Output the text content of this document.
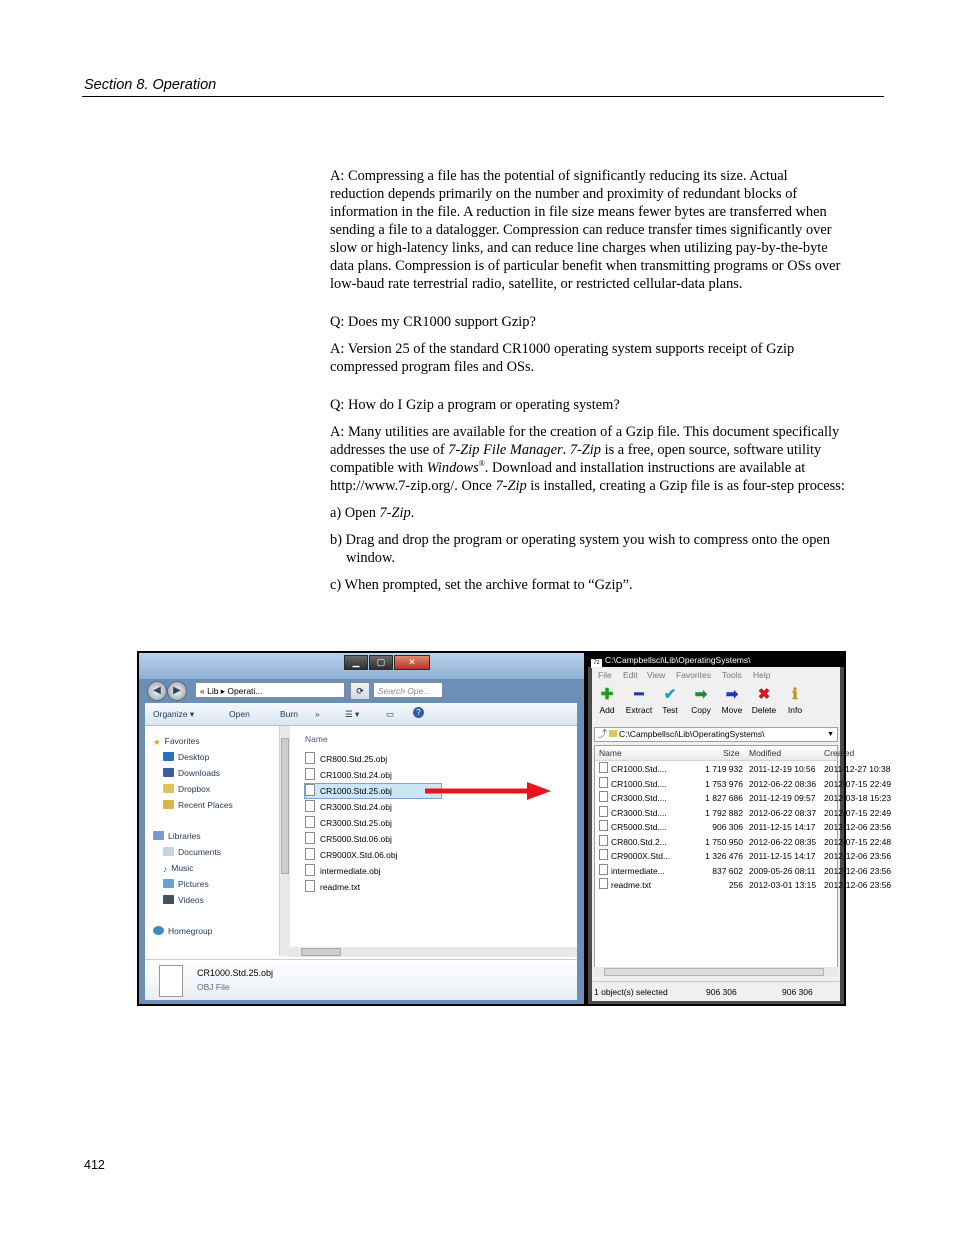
Section 8. Operation

A: Compressing a file has the potential of significantly reducing its size. Actual reduction depends primarily on the number and proximity of redundant blocks of information in the file. A reduction in file size means fewer bytes are transferred when sending a file to a datalogger. Compression can reduce transfer times significantly over slow or high-latency links, and can reduce line charges when utilizing pay-by-the-byte data plans. Compression is of particular benefit when transmitting programs or OSs over low-baud rate terrestrial radio, satellite, or restricted cellular-data plans.

Q: Does my CR1000 support Gzip?

A: Version 25 of the standard CR1000 operating system supports receipt of Gzip compressed program files and OSs.

Q: How do I Gzip a program or operating system?

A: Many utilities are available for the creation of a Gzip file. This document specifically addresses the use of 7-Zip File Manager. 7-Zip is a free, open source, software utility compatible with Windows®. Download and installation instructions are available at http://www.7-zip.org/. Once 7-Zip is installed, creating a Gzip file is as four-step process:

a) Open 7-Zip.

b) Drag and drop the program or operating system you wish to compress onto the open window.

c) When prompted, set the archive format to “Gzip”.

▁	▢	✕
◀	▶	« Lib ▸ Operati...	⟳	Search Ope...
Organize ▾	Open	Burn »	☰ ▾	▭	?
★ Favorites
Desktop
Downloads
Dropbox
Recent Places
Libraries
Documents
♪ Music
Pictures
Videos
Homegroup
Name
CR800.Std.25.obj
CR1000.Std.24.obj
CR1000.Std.25.obj
CR3000.Std.24.obj
CR3000.Std.25.obj
CR5000.Std.06.obj
CR9000X.Std.06.obj
intermediate.obj
readme.txt
CR1000.Std.25.obj
OBJ File
7z C:\Campbellsci\Lib\OperatingSystems\	▭▁▢✕
File Edit View Favorites Tools Help
✚
Add
━
Extract
✔
Test
➡
Copy
➡
Move
✖
Delete
ℹ
Info
⤴ C:\Campbellsci\Lib\OperatingSystems\	▼
Name	Size Modified	Created
CR1000.Std....	1 719 932 2011-12-19 10:56 2011-12-27 10:38
CR1000.Std....	1 753 976 2012-06-22 08:36 2012-07-15 22:49
CR3000.Std....	1 827 686 2011-12-19 09:57 2012-03-18 15:23
CR3000.Std....	1 792 882 2012-06-22 08:37 2012-07-15 22:49
CR5000.Std....	906 306 2011-12-15 14:17 2012-12-06 23:56
CR800.Std.2...	1 750 950 2012-06-22 08:35 2012-07-15 22:48
CR9000X.Std...	1 326 476 2011-12-15 14:17 2012-12-06 23:56
intermediate...	837 602 2009-05-26 08:11 2012-12-06 23:56
readme.txt	256 2012-03-01 13:15 2012-12-06 23:56
1 object(s) selected	906 306	906 306
412
